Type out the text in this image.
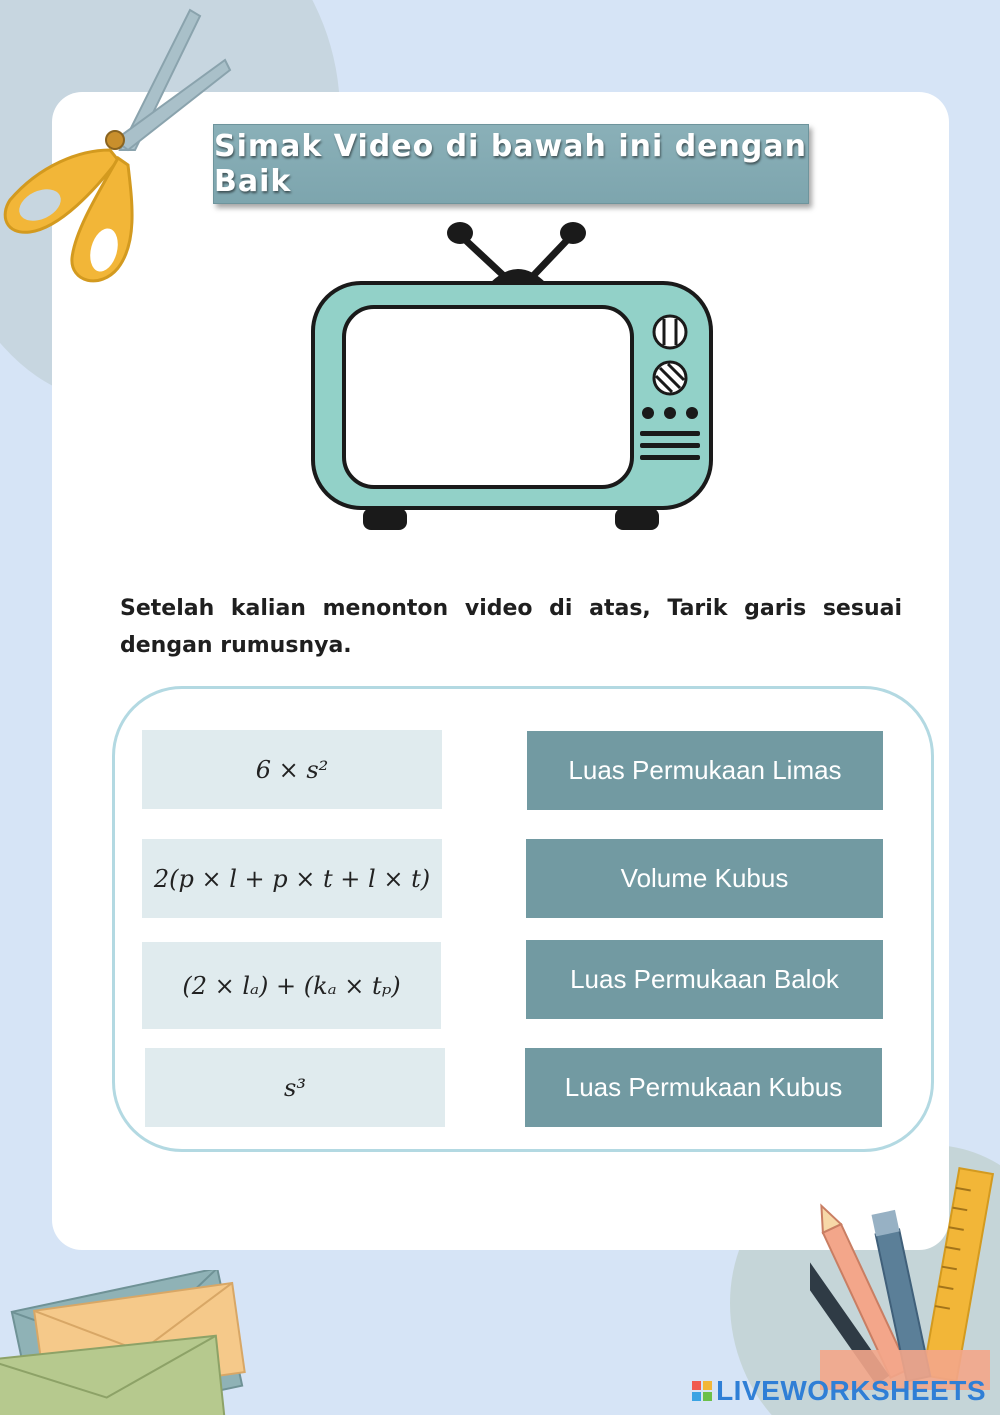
Simak Video di bawah ini dengan Baik

Setelah kalian menonton video di atas, Tarik garis sesuai dengan rumusnya.

6 × s²
2(p × l + p × t + l × t)
(2 × lₐ) + (kₐ × tₚ)
s³
Luas Permukaan Limas
Volume Kubus
Luas Permukaan Balok
Luas Permukaan Kubus
LIVEWORKSHEETS
